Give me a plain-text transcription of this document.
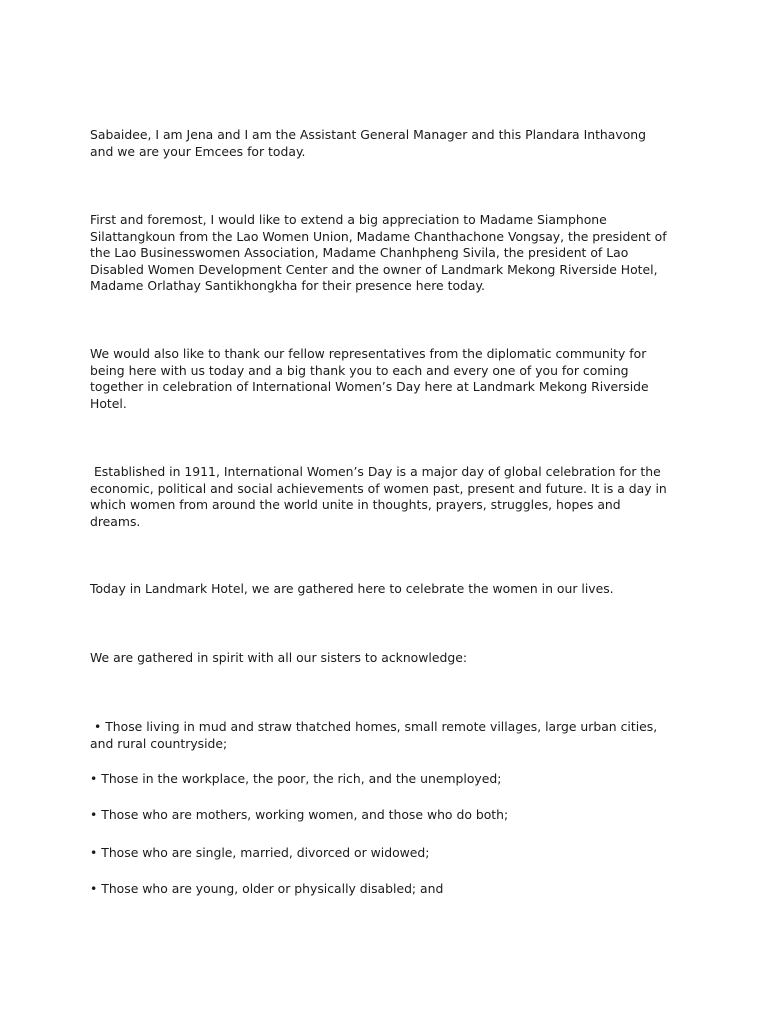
Sabaidee, I am Jena and I am the Assistant General Manager and this Plandara Inthavong
and we are your Emcees for today.

First and foremost, I would like to extend a big appreciation to Madame Siamphone
Silattangkoun from the Lao Women Union, Madame Chanthachone Vongsay, the president of
the Lao Businesswomen Association, Madame Chanhpheng Sivila, the president of Lao
Disabled Women Development Center and the owner of Landmark Mekong Riverside Hotel,
Madame Orlathay Santikhongkha for their presence here today.

We would also like to thank our fellow representatives from the diplomatic community for
being here with us today and a big thank you to each and every one of you for coming
together in celebration of International Women’s Day here at Landmark Mekong Riverside
Hotel.

Established in 1911, International Women’s Day is a major day of global celebration for the
economic, political and social achievements of women past, present and future. It is a day in
which women from around the world unite in thoughts, prayers, struggles, hopes and
dreams.

Today in Landmark Hotel, we are gathered here to celebrate the women in our lives.

We are gathered in spirit with all our sisters to acknowledge:

• Those living in mud and straw thatched homes, small remote villages, large urban cities,
and rural countryside;

• Those in the workplace, the poor, the rich, and the unemployed;

• Those who are mothers, working women, and those who do both;

• Those who are single, married, divorced or widowed;

• Those who are young, older or physically disabled; and
